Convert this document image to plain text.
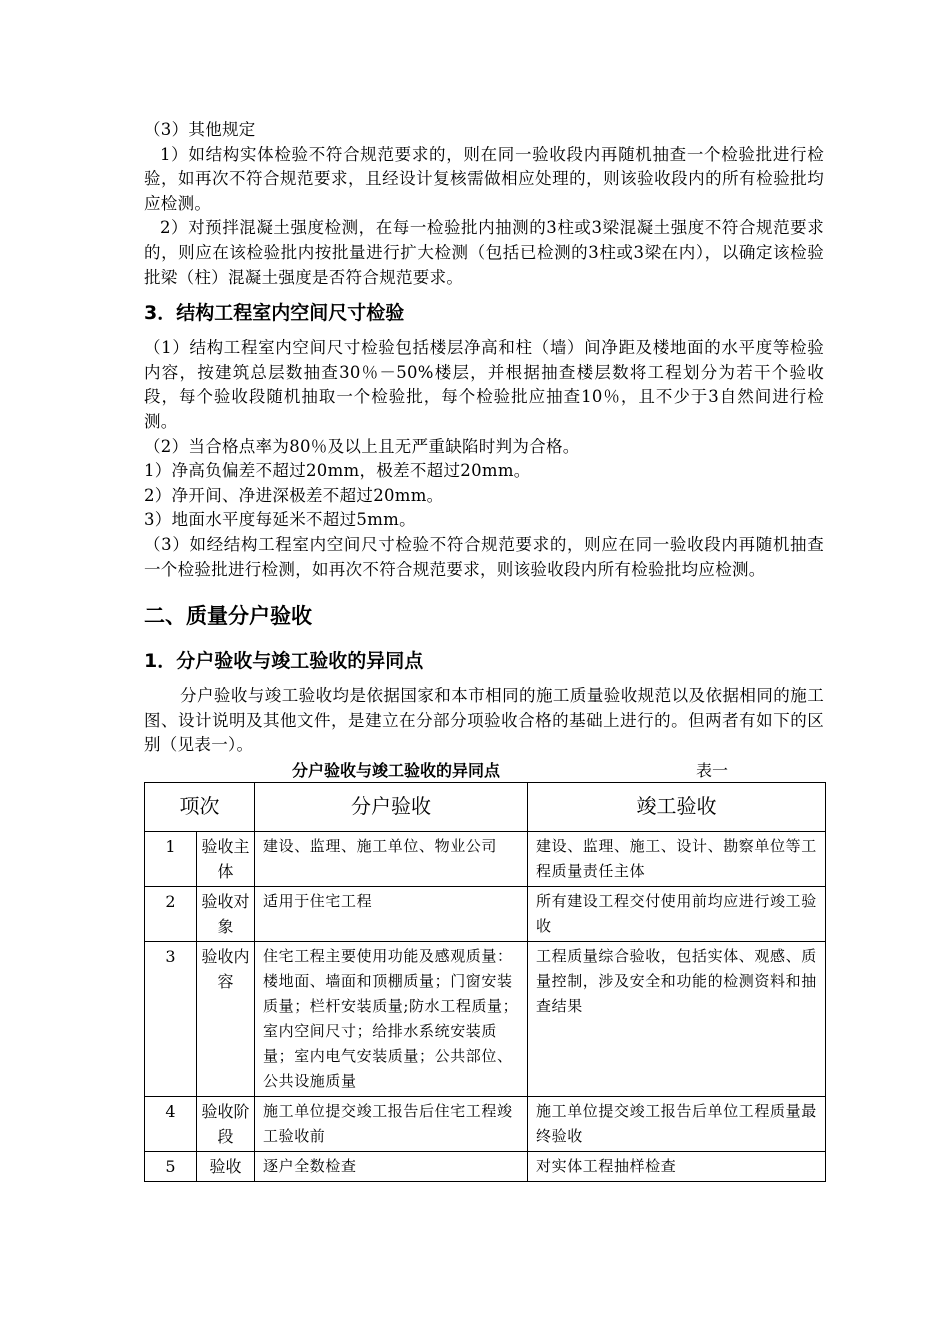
（3）其他规定

1）如结构实体检验不符合规范要求的，则在同一验收段内再随机抽查一个检验批进行检验，如再次不符合规范要求，且经设计复核需做相应处理的，则该验收段内的所有检验批均应检测。

2）对预拌混凝土强度检测，在每一检验批内抽测的3柱或3梁混凝土强度不符合规范要求的，则应在该检验批内按批量进行扩大检测（包括已检测的3柱或3梁在内），以确定该检验批梁（柱）混凝土强度是否符合规范要求。

3．结构工程室内空间尺寸检验

（1）结构工程室内空间尺寸检验包括楼层净高和柱（墙）间净距及楼地面的水平度等检验内容，按建筑总层数抽查30％－50%楼层，并根据抽查楼层数将工程划分为若干个验收段，每个验收段随机抽取一个检验批，每个检验批应抽查10％，且不少于3自然间进行检测。

（2）当合格点率为80％及以上且无严重缺陷时判为合格。

1）净高负偏差不超过20mm，极差不超过20mm。

2）净开间、净进深极差不超过20mm。

3）地面水平度每延米不超过5mm。

（3）如经结构工程室内空间尺寸检验不符合规范要求的，则应在同一验收段内再随机抽查一个检验批进行检测，如再次不符合规范要求，则该验收段内所有检验批均应检测。

二、质量分户验收
1．分户验收与竣工验收的异同点

分户验收与竣工验收均是依据国家和本市相同的施工质量验收规范以及依据相同的施工图、设计说明及其他文件，是建立在分部分项验收合格的基础上进行的。但两者有如下的区别（见表一）。

分户验收与竣工验收的异同点	表一
项次		分户验收	竣工验收
1	验收主体	建设、监理、施工单位、物业公司	建设、监理、施工、设计、勘察单位等工程质量责任主体
2	验收对象	适用于住宅工程	所有建设工程交付使用前均应进行竣工验收
3	验收内容	住宅工程主要使用功能及感观质量：楼地面、墙面和顶棚质量；门窗安装质量；栏杆安装质量;防水工程质量；室内空间尺寸；给排水系统安装质量；室内电气安装质量；公共部位、公共设施质量	工程质量综合验收，包括实体、观感、质量控制，涉及安全和功能的检测资料和抽查结果
4	验收阶段	施工单位提交竣工报告后住宅工程竣工验收前	施工单位提交竣工报告后单位工程质量最终验收
5	验收	逐户全数检查	对实体工程抽样检查
